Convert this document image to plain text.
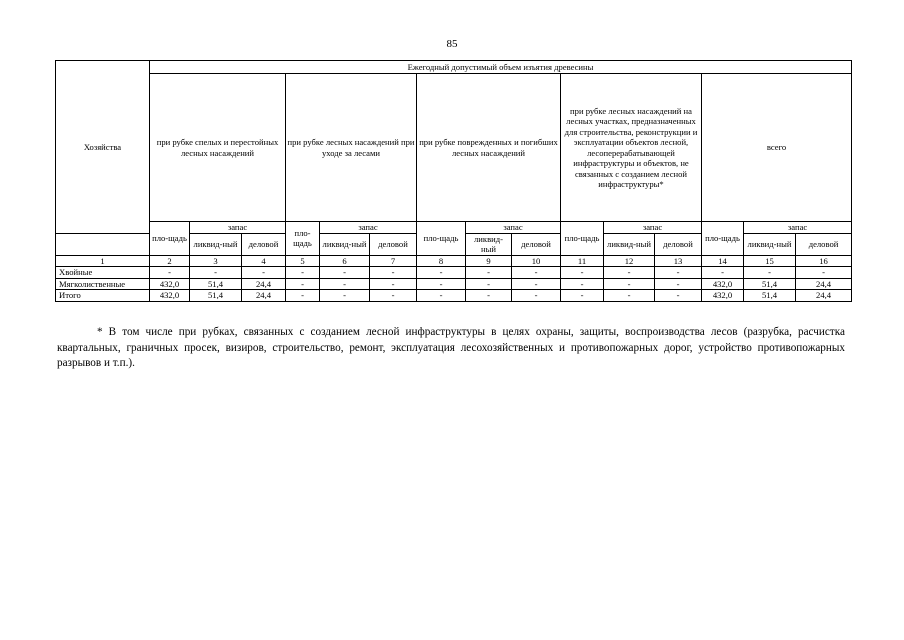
85
Хозяйства	Ежегодный допустимый объем изъятия древесины														
	при рубке спелых и перестойных лесных насаждений			при рубке лесных насаждений при уходе за лесами			при рубке поврежденных и погибших лесных насаждений			при рубке лесных насаждений на лесных участках, предназначенных для строительства, реконструкции и эксплуатации объектов лесной, лесоперерабатывающей инфраструктуры и объектов, не связанных с созданием лесной инфраструктуры*			всего		
	пло-щадь	запас		пло-щадь	запас		пло-щадь	запас		пло-щадь	запас		пло-щадь	запас	
		ликвид-ный	деловой		ликвид-ный	деловой		ликвид-ный	деловой		ликвид-ный	деловой		ликвид-ный	деловой
1	2	3	4	5	6	7	8	9	10	11	12	13	14	15	16
Хвойные	-	-	-	-	-	-	-	-	-	-	-	-	-	-	-
Мягколиственные	432,0	51,4	24,4	-	-	-	-	-	-	-	-	-	432,0	51,4	24,4
Итого	432,0	51,4	24,4	-	-	-	-	-	-	-	-	-	432,0	51,4	24,4
* В том числе при рубках, связанных с созданием лесной инфраструктуры в целях охраны, защиты, воспроизводства лесов (разрубка, расчистка квартальных, граничных просек, визиров, строительство, ремонт, эксплуатация лесохозяйственных и противопожарных дорог, устройство противопожарных разрывов и т.п.).
